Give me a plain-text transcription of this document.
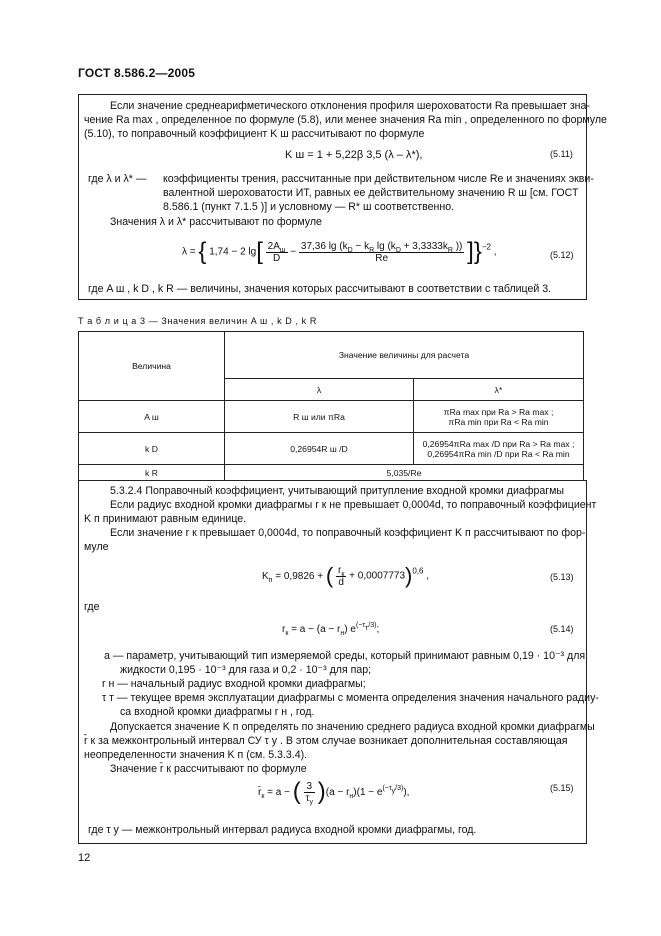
ГОСТ 8.586.2—2005
Если значение среднеарифметического отклонения профиля шероховатости Ra превышает зна-
чение Ra max , определенное по формуле (5.8), или менее значения Ra min , определенного по формуле
(5.10), то поправочный коэффициент K ш рассчитывают по формуле
K ш = 1 + 5,22β 3,5 (λ – λ*),	(5.11)
где λ и λ* — коэффициенты трения, рассчитанные при действительном числе Re и значениях экви-
валентной шероховатости ИТ, равных ее действительному значению R ш [см. ГОСТ
8.586.1 (пункт 7.1.5 )] и условному — R* ш соответственно.
Значения λ и λ* рассчитывают по формуле
λ = { 1,74 − 2 $\lg[ \frac{2A_ш}{D} - \frac{37,36 \lg (k_D - k_R \lg (k_D + 3,3333k_R ))}{Re} ]\}^{-2}$ ,	(5.12)
где A ш , k D , k R — величины, значения которых рассчитывают в соответствии с таблицей 3.
Т а б л и ц а 3 — Значения величин A ш , k D , k R
Величина	Значение величины для расчета	
	λ	λ*
A ш	R ш или πRa	πRa max при Ra > Ra max ;
πRa min при Ra < Ra min

k D	0,26954R ш /D	0,26954πRa max /D при Ra > Ra max ;
0,26954πRa min /D при Ra < Ra min

k R	5,035/Re	
5.3.2.4 Поправочный коэффициент, учитывающий притупление входной кромки диафрагмы
Если радиус входной кромки диафрагмы r к не превышает 0,0004d, то поправочный коэффициент
K п принимают равным единице.
Если значение r к превышает 0,0004d, то поправочный коэффициент K п рассчитывают по фор-
муле
$K_п = 0,9826$ + ( $\frac{r_к}{d} + 0,0007773)^{0,6}$ ,	(5.13)
где
$r_к = a - (a - r_н)$ $e^{(-\tau_т/3)}$;	(5.14)
a — параметр, учитывающий тип измеряемой среды, который принимают равным 0,19 · 10⁻³ для
жидкости 0,195 · 10⁻³ для газа и 0,2 · 10⁻³ для пар;
r н — начальный радиус входной кромки диафрагмы;
τ т — текущее время эксплуатации диафрагмы с момента определения значения начального радиу-
са входной кромки диафрагмы r н , год.
Допускается значение K п определять по значению среднего радиуса входной кромки диафрагмы
r̄ к за межконтрольный интервал СУ τ у . В этом случае возникает дополнительная составляющая
неопределенности значения K п (см. 5.3.3.4).
Значение r̄ к рассчитывают по формуле
$r̄_к = a$ − ( $\frac{3}{\tau_у} )(a - r_н)(1 - e^{(-\tau_у/3)})$,	(5.15)
где τ у — межконтрольный интервал радиуса входной кромки диафрагмы, год.
12
